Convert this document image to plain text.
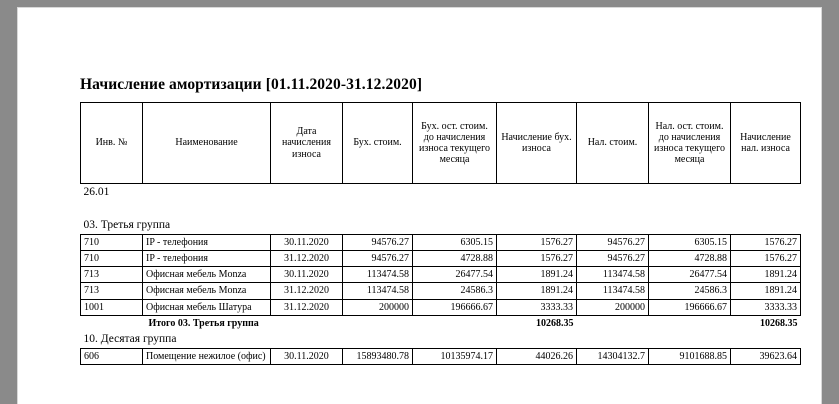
Начисление амортизации [01.11.2020-31.12.2020]
Инв. №	Наименование	Дата начисления износа	Бух. стоим.	Бух. ост. стоим. до начисления износа текущего месяца	Начисление бух. износа	Нал. стоим.	Нал. ост. стоим. до начисления износа текущего месяца	Начисление нал. износа
26.01								

03. Третья группа								
710	IP - телефония	30.11.2020	94576.27	6305.15	1576.27	94576.27	6305.15	1576.27
710	IP - телефония	31.12.2020	94576.27	4728.88	1576.27	94576.27	4728.88	1576.27
713	Офисная мебель Monza	30.11.2020	113474.58	26477.54	1891.24	113474.58	26477.54	1891.24
713	Офисная мебель Monza	31.12.2020	113474.58	24586.3	1891.24	113474.58	24586.3	1891.24
1001	Офисная мебель Шатура	31.12.2020	200000	196666.67	3333.33	200000	196666.67	3333.33
Итого 03. Третья группа					10268.35			10268.35
10. Десятая группа								
606	Помещение нежилое (офис)	30.11.2020	15893480.78	10135974.17	44026.26	14304132.7	9101688.85	39623.64
